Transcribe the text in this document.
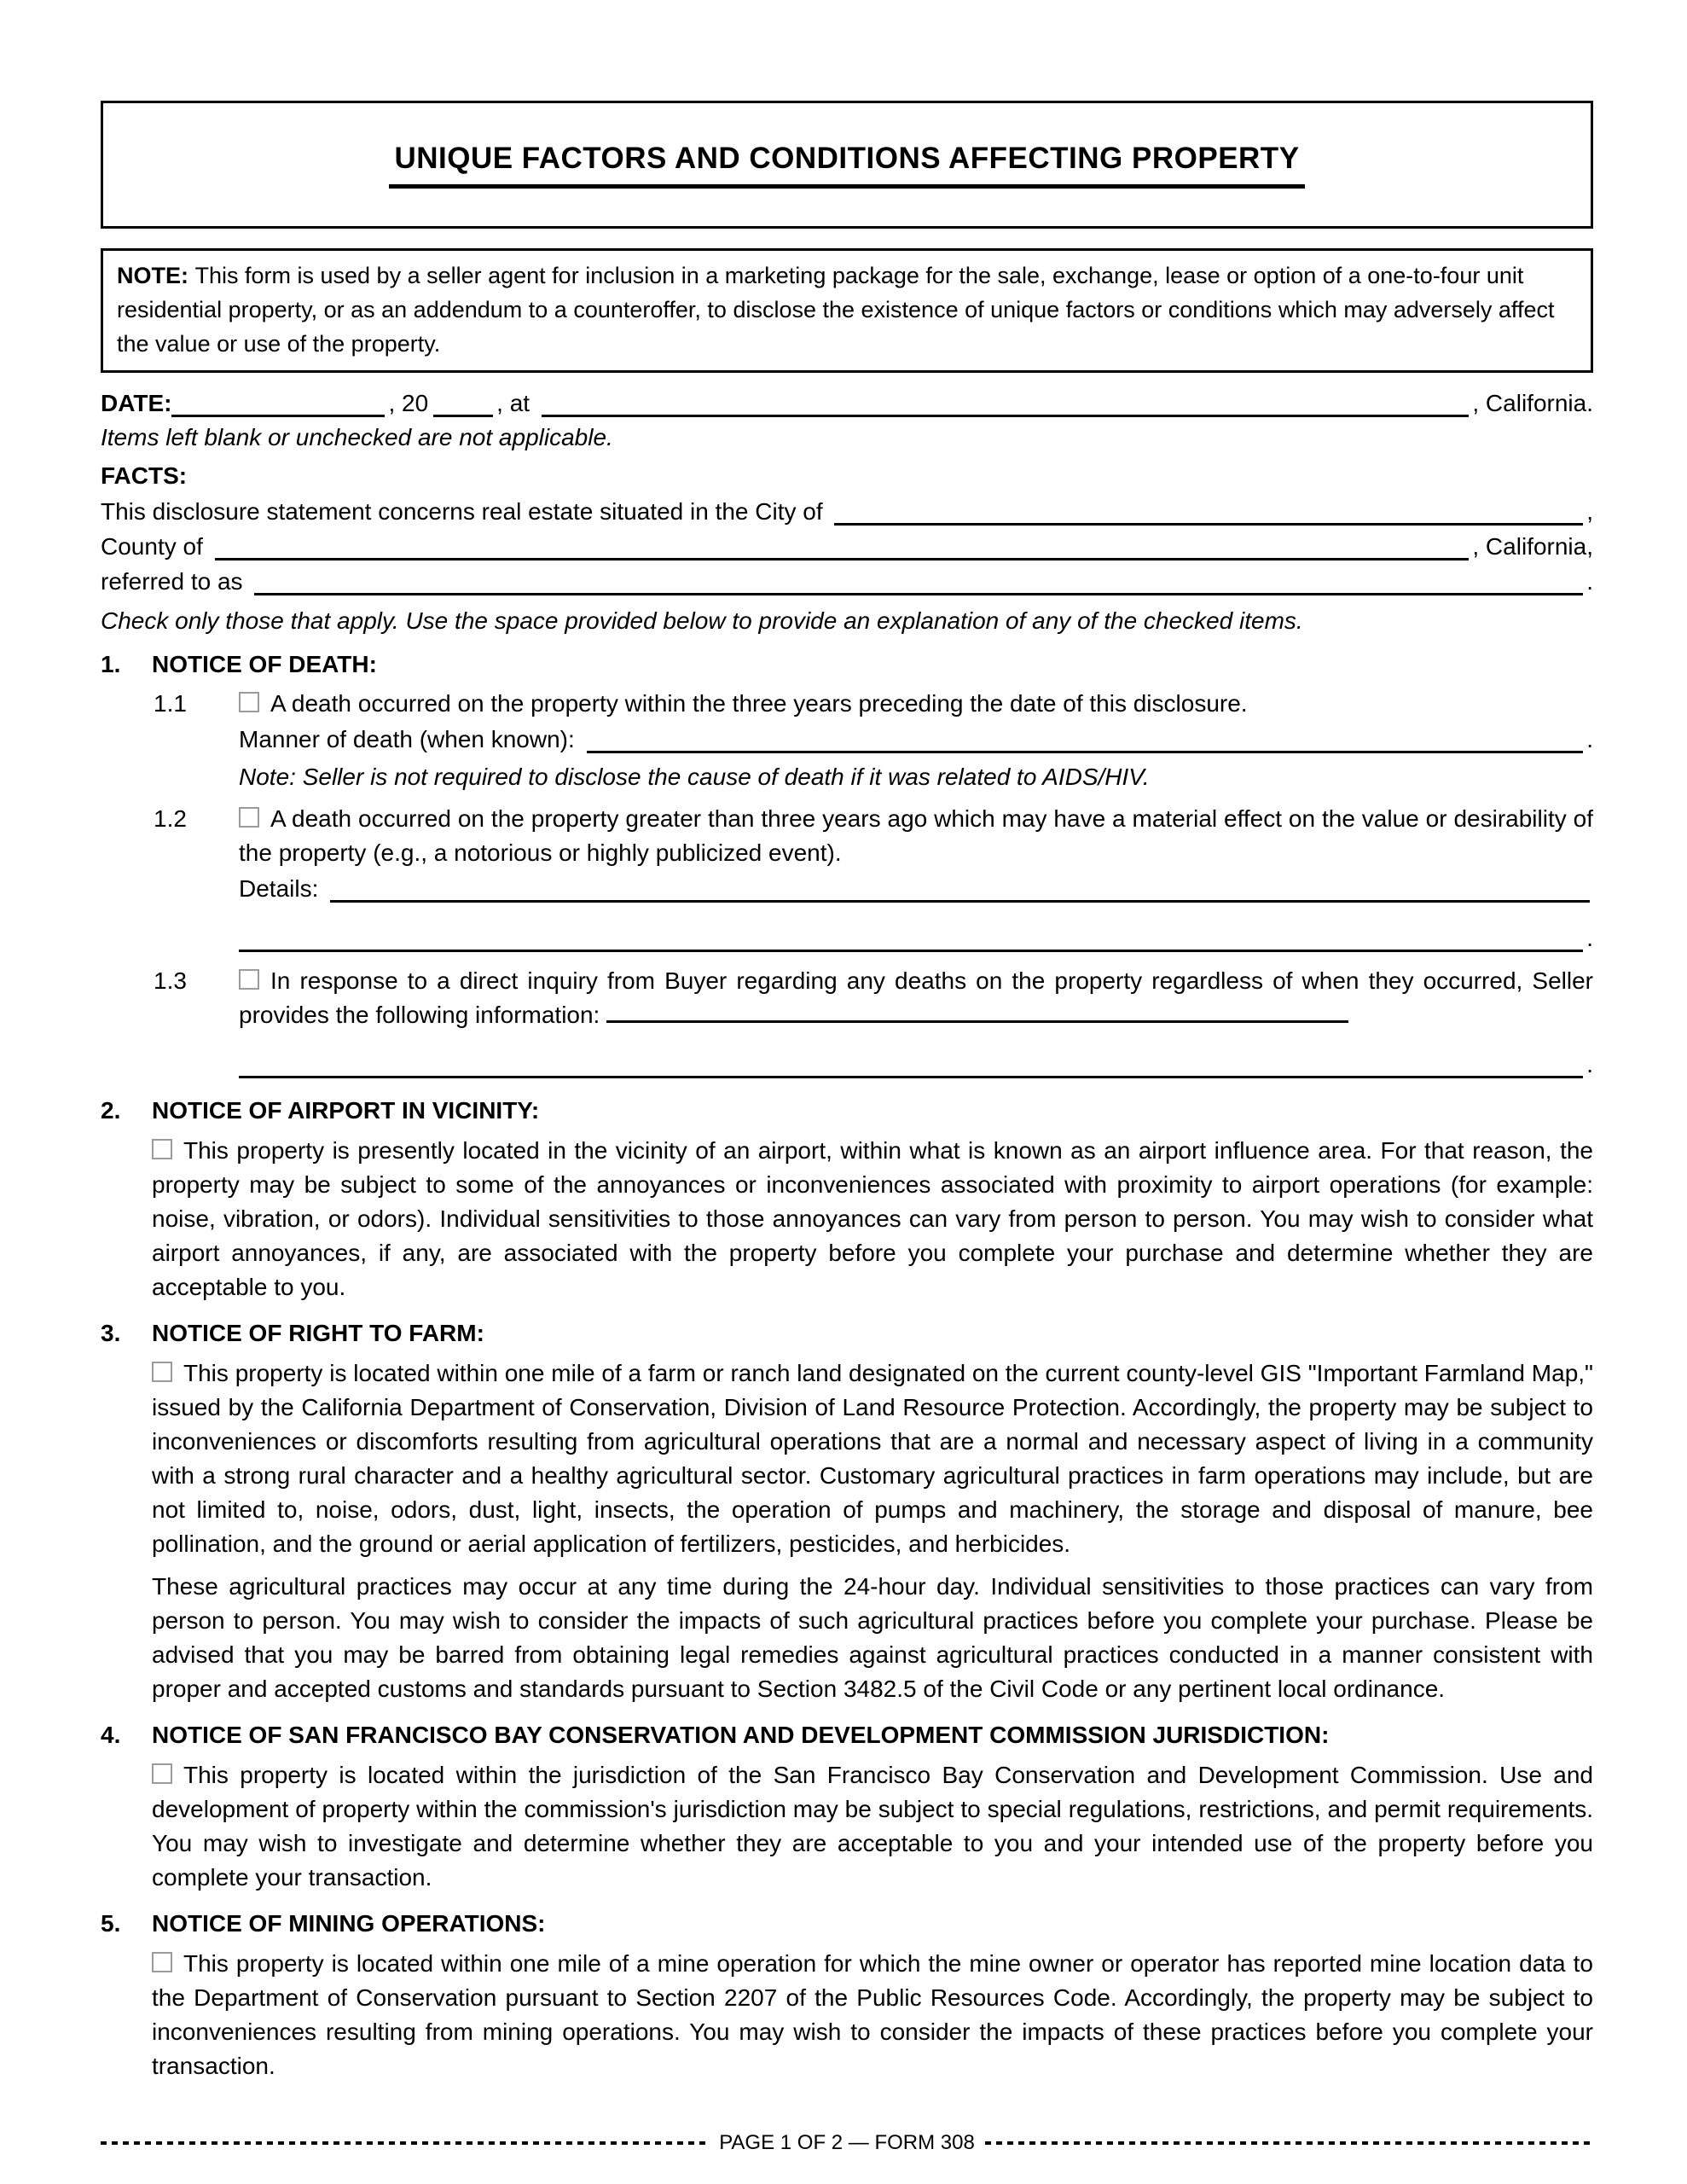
UNIQUE FACTORS AND CONDITIONS AFFECTING PROPERTY
NOTE: This form is used by a seller agent for inclusion in a marketing package for the sale, exchange, lease or option of a one-to-four unit residential property, or as an addendum to a counteroffer, to disclose the existence of unique factors or conditions which may adversely affect the value or use of the property.
DATE:	, 20	, at	, California.
Items left blank or unchecked are not applicable.
FACTS:
This disclosure statement concerns real estate situated in the City of	,
County of	, California,
referred to as	.
Check only those that apply. Use the space provided below to provide an explanation of any of the checked items.
1. NOTICE OF DEATH:
1.1	A death occurred on the property within the three years preceding the date of this disclosure.
Manner of death (when known):	.
Note: Seller is not required to disclose the cause of death if it was related to AIDS/HIV.
1.2	A death occurred on the property greater than three years ago which may have a material effect on the value or desirability of the property (e.g., a notorious or highly publicized event).
Details:
.
1.3	In response to a direct inquiry from Buyer regarding any deaths on the property regardless of when they occurred, Seller provides the following information:
.
2. NOTICE OF AIRPORT IN VICINITY:
This property is presently located in the vicinity of an airport, within what is known as an airport influence area. For that reason, the property may be subject to some of the annoyances or inconveniences associated with proximity to airport operations (for example: noise, vibration, or odors). Individual sensitivities to those annoyances can vary from person to person. You may wish to consider what airport annoyances, if any, are associated with the property before you complete your purchase and determine whether they are acceptable to you.
3. NOTICE OF RIGHT TO FARM:
This property is located within one mile of a farm or ranch land designated on the current county-level GIS "Important Farmland Map," issued by the California Department of Conservation, Division of Land Resource Protection. Accordingly, the property may be subject to inconveniences or discomforts resulting from agricultural operations that are a normal and necessary aspect of living in a community with a strong rural character and a healthy agricultural sector. Customary agricultural practices in farm operations may include, but are not limited to, noise, odors, dust, light, insects, the operation of pumps and machinery, the storage and disposal of manure, bee pollination, and the ground or aerial application of fertilizers, pesticides, and herbicides.
These agricultural practices may occur at any time during the 24-hour day. Individual sensitivities to those practices can vary from person to person. You may wish to consider the impacts of such agricultural practices before you complete your purchase. Please be advised that you may be barred from obtaining legal remedies against agricultural practices conducted in a manner consistent with proper and accepted customs and standards pursuant to Section 3482.5 of the Civil Code or any pertinent local ordinance.
4. NOTICE OF SAN FRANCISCO BAY CONSERVATION AND DEVELOPMENT COMMISSION JURISDICTION:
This property is located within the jurisdiction of the San Francisco Bay Conservation and Development Commission. Use and development of property within the commission's jurisdiction may be subject to special regulations, restrictions, and permit requirements. You may wish to investigate and determine whether they are acceptable to you and your intended use of the property before you complete your transaction.
5. NOTICE OF MINING OPERATIONS:
This property is located within one mile of a mine operation for which the mine owner or operator has reported mine location data to the Department of Conservation pursuant to Section 2207 of the Public Resources Code. Accordingly, the property may be subject to inconveniences resulting from mining operations. You may wish to consider the impacts of these practices before you complete your transaction.
PAGE 1 OF 2 — FORM 308
